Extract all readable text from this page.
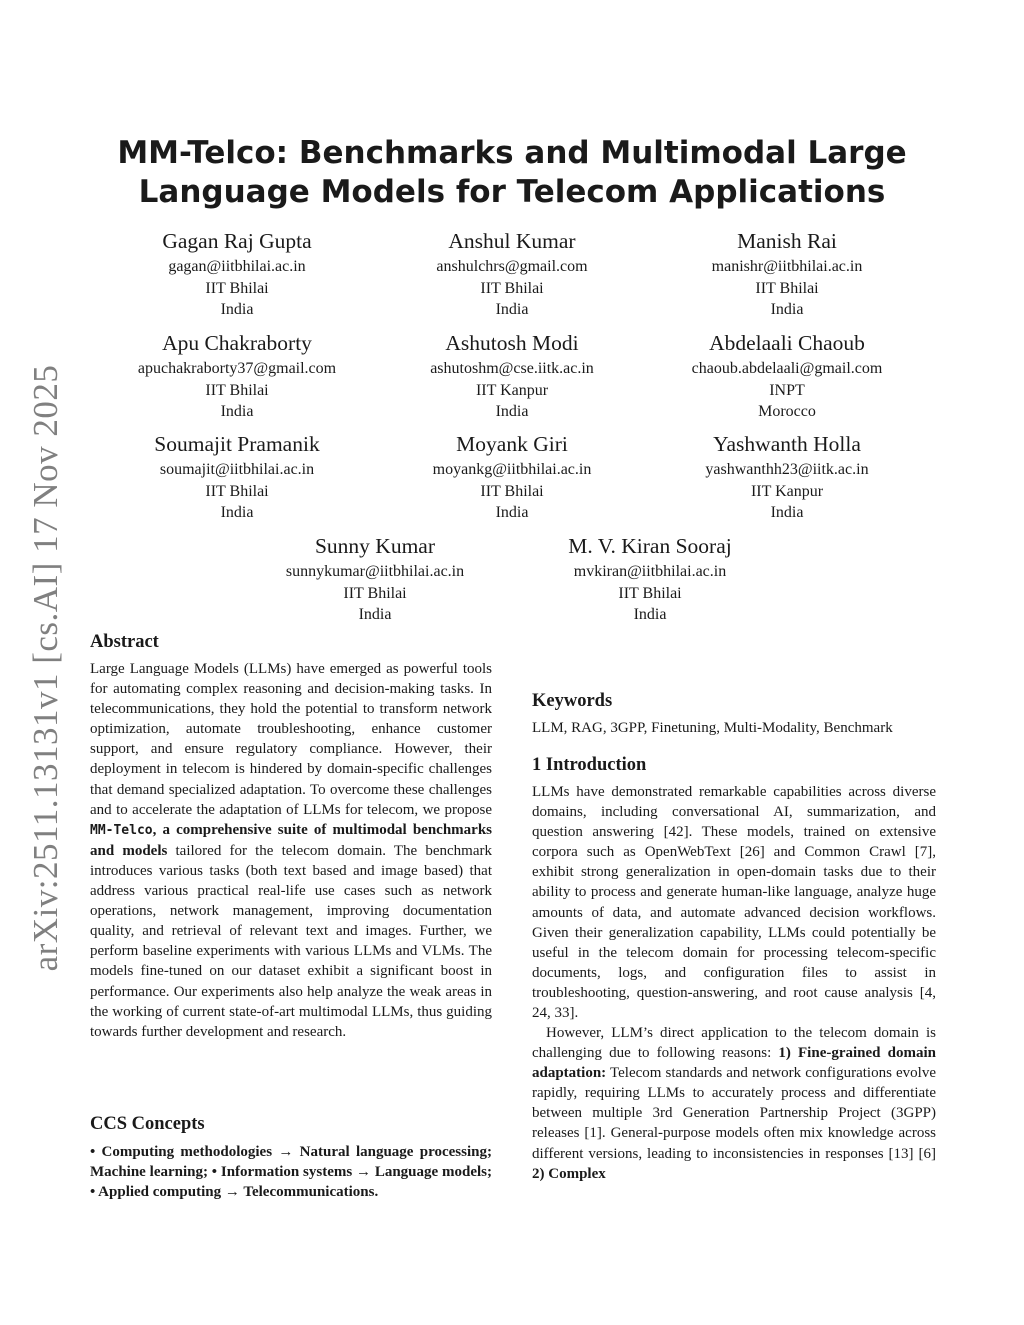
arXiv:2511.13131v1 [cs.AI] 17 Nov 2025
MM-Telco: Benchmarks and Multimodal Large
Language Models for Telecom Applications
Gagan Raj Gupta
gagan@iitbhilai.ac.in
IIT Bhilai
India
Anshul Kumar
anshulchrs@gmail.com
IIT Bhilai
India
Manish Rai
manishr@iitbhilai.ac.in
IIT Bhilai
India
Apu Chakraborty
apuchakraborty37@gmail.com
IIT Bhilai
India
Ashutosh Modi
ashutoshm@cse.iitk.ac.in
IIT Kanpur
India
Abdelaali Chaoub
chaoub.abdelaali@gmail.com
INPT
Morocco
Soumajit Pramanik
soumajit@iitbhilai.ac.in
IIT Bhilai
India
Moyank Giri
moyankg@iitbhilai.ac.in
IIT Bhilai
India
Yashwanth Holla
yashwanthh23@iitk.ac.in
IIT Kanpur
India
Sunny Kumar
sunnykumar@iitbhilai.ac.in
IIT Bhilai
India
M. V. Kiran Sooraj
mvkiran@iitbhilai.ac.in
IIT Bhilai
India
Abstract

Large Language Models (LLMs) have emerged as powerful tools for automating complex reasoning and decision-making tasks. In telecommunications, they hold the potential to transform network optimization, automate troubleshooting, enhance customer support, and ensure regulatory compliance. However, their deployment in telecom is hindered by domain-specific challenges that demand specialized adaptation. To overcome these challenges and to accelerate the adaptation of LLMs for telecom, we propose MM-Telco, a comprehensive suite of multimodal benchmarks and models tailored for the telecom domain. The benchmark introduces various tasks (both text based and image based) that address various practical real-life use cases such as network operations, network management, improving documentation quality, and retrieval of relevant text and images. Further, we perform baseline experiments with various LLMs and VLMs. The models fine-tuned on our dataset exhibit a significant boost in performance. Our experiments also help analyze the weak areas in the working of current state-of-art multimodal LLMs, thus guiding towards further development and research.

CCS Concepts

• Computing methodologies → Natural language processing; Machine learning; • Information systems → Language models; • Applied computing → Telecommunications.

Keywords

LLM, RAG, 3GPP, Finetuning, Multi-Modality, Benchmark

1 Introduction

LLMs have demonstrated remarkable capabilities across diverse domains, including conversational AI, summarization, and question answering [42]. These models, trained on extensive corpora such as OpenWebText [26] and Common Crawl [7], exhibit strong generalization in open-domain tasks due to their ability to process and generate human-like language, analyze huge amounts of data, and automate advanced decision workflows. Given their generalization capability, LLMs could potentially be useful in the telecom domain for processing telecom-specific documents, logs, and configuration files to assist in troubleshooting, question-answering, and root cause analysis [4, 24, 33].

However, LLM’s direct application to the telecom domain is challenging due to following reasons: 1) Fine-grained domain adaptation: Telecom standards and network configurations evolve rapidly, requiring LLMs to accurately process and differentiate between multiple 3rd Generation Partnership Project (3GPP) releases [1]. General-purpose models often mix knowledge across different versions, leading to inconsistencies in responses [13] [6] 2) Complex
